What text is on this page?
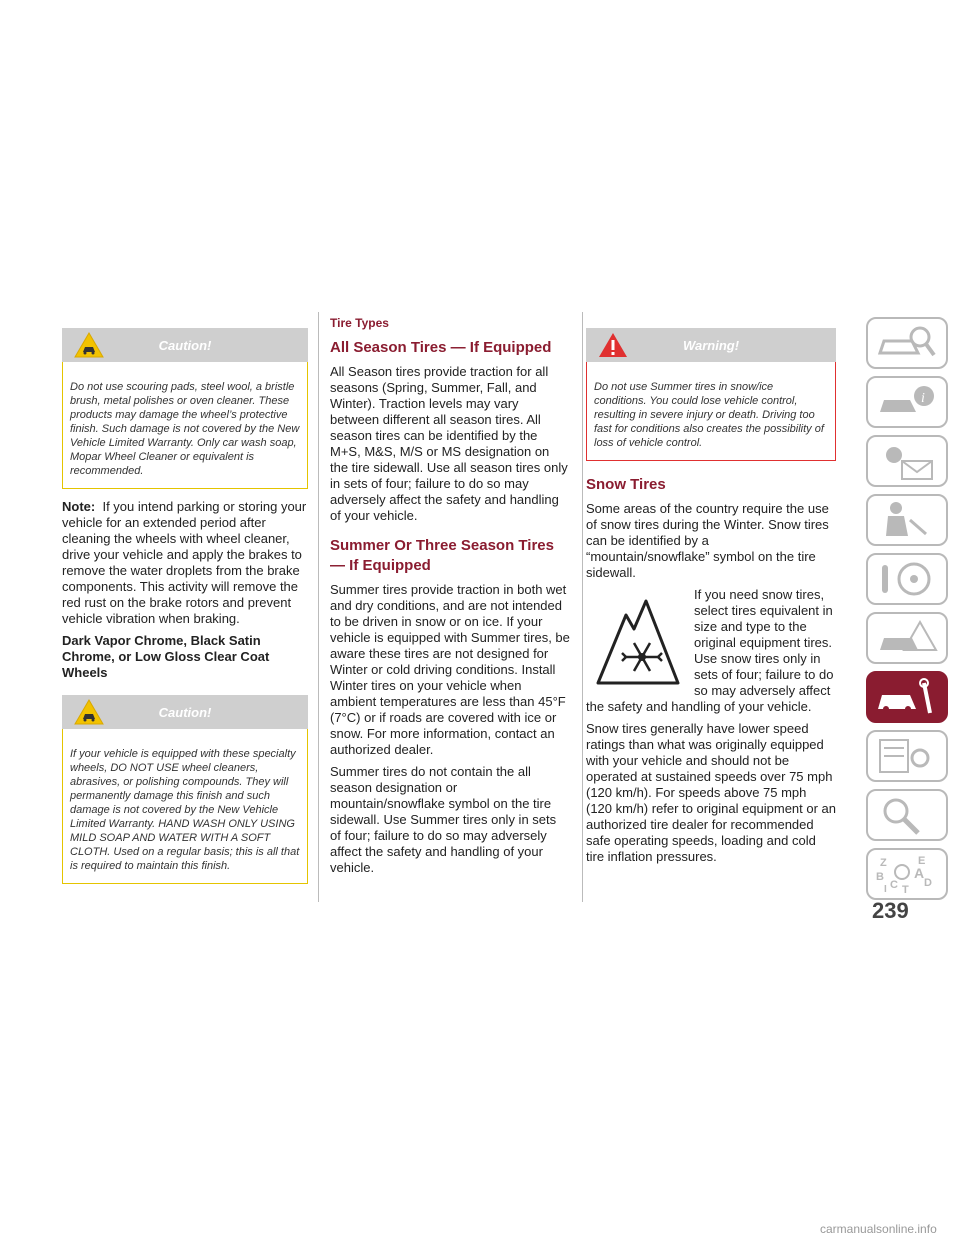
Caution!
Do not use scouring pads, steel wool, a bristle brush, metal polishes or oven cleaner. These products may damage the wheel’s protective finish. Such damage is not covered by the New Vehicle Limited Warranty. Only car wash soap, Mopar Wheel Cleaner or equivalent is recommended.

Note: If you intend parking or storing your vehicle for an extended period after cleaning the wheels with wheel cleaner, drive your vehicle and apply the brakes to remove the water droplets from the brake components. This activity will remove the red rust on the brake rotors and prevent vehicle vibration when braking.

Dark Vapor Chrome, Black Satin Chrome, or Low Gloss Clear Coat Wheels
Caution!
If your vehicle is equipped with these specialty wheels, DO NOT USE wheel cleaners, abrasives, or polishing compounds. They will permanently damage this finish and such damage is not covered by the New Vehicle Limited Warranty. HAND WASH ONLY USING MILD SOAP AND WATER WITH A SOFT CLOTH. Used on a regular basis; this is all that is required to maintain this finish.
Tire Types
All Season Tires — If Equipped

All Season tires provide traction for all seasons (Spring, Summer, Fall, and Winter). Traction levels may vary between different all season tires. All season tires can be identified by the M+S, M&S, M/S or MS designation on the tire sidewall. Use all season tires only in sets of four; failure to do so may adversely affect the safety and handling of your vehicle.

Summer Or Three Season Tires — If Equipped

Summer tires provide traction in both wet and dry conditions, and are not intended to be driven in snow or on ice. If your vehicle is equipped with Summer tires, be aware these tires are not designed for Winter or cold driving conditions. Install Winter tires on your vehicle when ambient temperatures are less than 45°F (7°C) or if roads are covered with ice or snow. For more information, contact an authorized dealer.

Summer tires do not contain the all season designation or mountain/snowflake symbol on the tire sidewall. Use Summer tires only in sets of four; failure to do so may adversely affect the safety and handling of your vehicle.

Warning!
Do not use Summer tires in snow/ice conditions. You could lose vehicle control, resulting in severe injury or death. Driving too fast for conditions also creates the possibility of loss of vehicle control.
Snow Tires

Some areas of the country require the use of snow tires during the Winter. Snow tires can be identified by a “mountain/snowflake” symbol on the tire sidewall.

If you need snow tires, select tires equivalent in size and type to the original equipment tires. Use snow tires only in sets of four; failure to do so may adversely affect the safety and handling of your vehicle.

Snow tires generally have lower speed ratings than what was originally equipped with your vehicle and should not be operated at sustained speeds over 75 mph (120 km/h). For speeds above 75 mph (120 km/h) refer to original equipment or an authorized tire dealer for recommended safe operating speeds, loading and cold tire inflation pressures.

i
Z	E
A
B
C D
I T
239
carmanualsonline.info
